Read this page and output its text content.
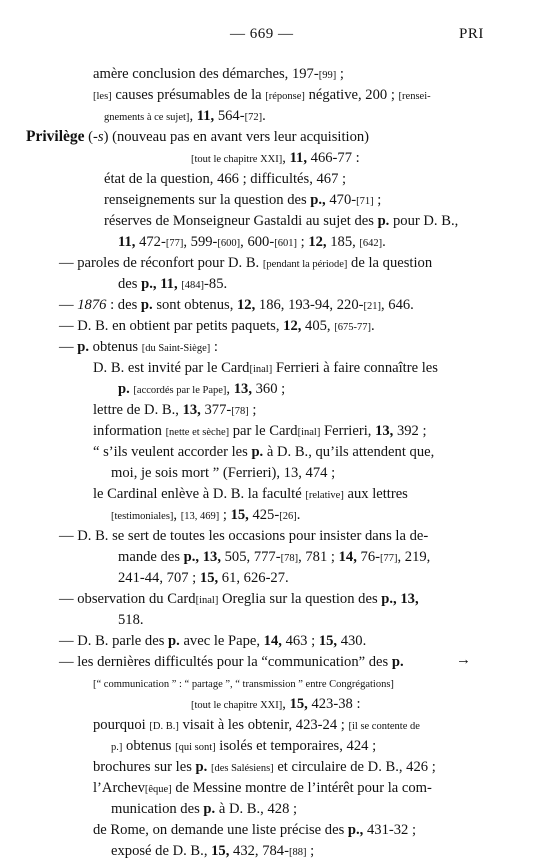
— 669 —	PRI
amère conclusion des démarches, 197-[99] ;
[les] causes présumables de la [réponse] négative, 200 ; [rensei-
gnements à ce sujet], 11, 564-[72].
Privilège (-s) (nouveau pas en avant vers leur acquisition)
[tout le chapitre XXI], 11, 466-77 :
état de la question, 466 ; difficultés, 467 ;
renseignements sur la question des p., 470-[71] ;
réserves de Monseigneur Gastaldi au sujet des p. pour D. B.,
11, 472-[77], 599-[600], 600-[601] ; 12, 185, [642].
— paroles de réconfort pour D. B. [pendant la période] de la question
des p., 11, [484]-85.
— 1876 : des p. sont obtenus, 12, 186, 193-94, 220-[21], 646.
— D. B. en obtient par petits paquets, 12, 405, [675-77].
— p. obtenus [du Saint-Siège] :
D. B. est invité par le Card[inal] Ferrieri à faire connaître les
p. [accordés par le Pape], 13, 360 ;
lettre de D. B., 13, 377-[78] ;
information [nette et sèche] par le Card[inal] Ferrieri, 13, 392 ;
“ s’ils veulent accorder les p. à D. B., qu’ils attendent que,
moi, je sois mort ” (Ferrieri), 13, 474 ;
le Cardinal enlève à D. B. la faculté [relative] aux lettres
[testimoniales], [13, 469] ; 15, 425-[26].
— D. B. se sert de toutes les occasions pour insister dans la de-
mande des p., 13, 505, 777-[78], 781 ; 14, 76-[77], 219,
241-44, 707 ; 15, 61, 626-27.
— observation du Card[inal] Oreglia sur la question des p., 13,
518.
— D. B. parle des p. avec le Pape, 14, 463 ; 15, 430.
— les dernières difficultés pour la “communication” des p.
[“ communication ” : “ partage ”, “ transmission ” entre Congrégations]
[tout le chapitre XXI], 15, 423-38 :
pourquoi [D. B.] visait à les obtenir, 423-24 ; [il se contente de
p.] obtenus [qui sont] isolés et temporaires, 424 ;
brochures sur les p. [des Salésiens] et circulaire de D. B., 426 ;
l’Archev[êque] de Messine montre de l’intérêt pour la com-
munication des p. à D. B., 428 ;
de Rome, on demande une liste précise des p., 431-32 ;
exposé de D. B., 15, 432, 784-[88] ;
→
